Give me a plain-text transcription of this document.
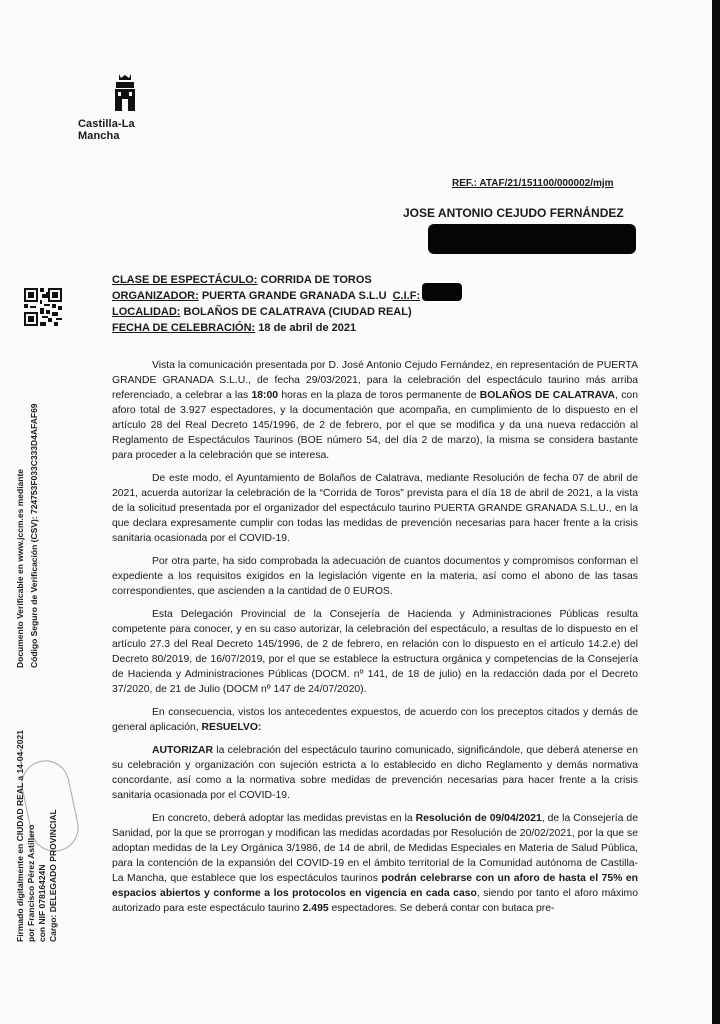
Castilla-La Mancha
REF.: ATAF/21/151100/000002/mjm
JOSE ANTONIO CEJUDO FERNÁNDEZ
CLASE DE ESPECTÁCULO: CORRIDA DE TOROS
ORGANIZADOR: PUERTA GRANDE GRANADA S.L.U C.I.F:
LOCALIDAD: BOLAÑOS DE CALATRAVA (CIUDAD REAL)
FECHA DE CELEBRACIÓN: 18 de abril de 2021

Vista la comunicación presentada por D. José Antonio Cejudo Fernández, en representación de PUERTA GRANDE GRANADA S.L.U., de fecha 29/03/2021, para la celebración del espectáculo taurino más arriba referenciado, a celebrar a las 18:00 horas en la plaza de toros permanente de BOLAÑOS DE CALATRAVA, con aforo total de 3.927 espectadores, y la documentación que acompaña, en cumplimiento de lo dispuesto en el artículo 28 del Real Decreto 145/1996, de 2 de febrero, por el que se modifica y da una nueva redacción al Reglamento de Espectáculos Taurinos (BOE número 54, del día 2 de marzo), la misma se considera bastante para proceder a la celebración que se interesa.

De este modo, el Ayuntamiento de Bolaños de Calatrava, mediante Resolución de fecha 07 de abril de 2021, acuerda autorizar la celebración de la “Corrida de Toros” prevista para el día 18 de abril de 2021, a la vista de la solicitud presentada por el organizador del espectáculo taurino PUERTA GRANDE GRANADA S.L.U., en la que declara expresamente cumplir con todas las medidas de prevención necesarias para hacer frente a la crisis sanitaria ocasionada por el COVID-19.

Por otra parte, ha sido comprobada la adecuación de cuantos documentos y compromisos conforman el expediente a los requisitos exigidos en la legislación vigente en la materia, así como el abono de las tasas correspondientes, que ascienden a la cantidad de 0 EUROS.

Esta Delegación Provincial de la Consejería de Hacienda y Administraciones Públicas resulta competente para conocer, y en su caso autorizar, la celebración del espectáculo, a resultas de lo dispuesto en el artículo 27.3 del Real Decreto 145/1996, de 2 de febrero, en relación con lo dispuesto en el artículo 14.2.e) del Decreto 80/2019, de 16/07/2019, por el que se establece la estructura orgánica y competencias de la Consejería de Hacienda y Administraciones Públicas (DOCM. nº 141, de 18 de julio) en la redacción dada por el Decreto 37/2020, de 21 de Julio (DOCM nº 147 de 24/07/2020).

En consecuencia, vistos los antecedentes expuestos, de acuerdo con los preceptos citados y demás de general aplicación, RESUELVO:

AUTORIZAR la celebración del espectáculo taurino comunicado, significándole, que deberá atenerse en su celebración y organización con sujeción estricta a lo establecido en dicho Reglamento y demás normativa concordante, así como a la normativa sobre medidas de prevención necesarias para hacer frente a la crisis sanitaria ocasionada por el COVID-19.

En concreto, deberá adoptar las medidas previstas en la Resolución de 09/04/2021, de la Consejería de Sanidad, por la que se prorrogan y modifican las medidas acordadas por Resolución de 20/02/2021, por la que se adoptan medidas de la Ley Orgánica 3/1986, de 14 de abril, de Medidas Especiales en Materia de Salud Pública, para la contención de la expansión del COVID-19 en el ámbito territorial de la Comunidad autónoma de Castilla-La Mancha, que establece que los espectáculos taurinos podrán celebrarse con un aforo de hasta el 75% en espacios abiertos y conforme a los protocolos en vigencia en cada caso, siendo por tanto el aforo máximo autorizado para este espectáculo taurino 2.495 espectadores. Se deberá contar con butaca pre-

Documento Verificable en www.jccm.es mediante Código Seguro de Verificación (CSV): 724753F033C333D4AFAF69
Firmado digitalmente en CIUDAD REAL a 14-04-2021 por Francisco Pérez Astillero con NIF 07816424N Cargo: DELEGADO PROVINCIAL
